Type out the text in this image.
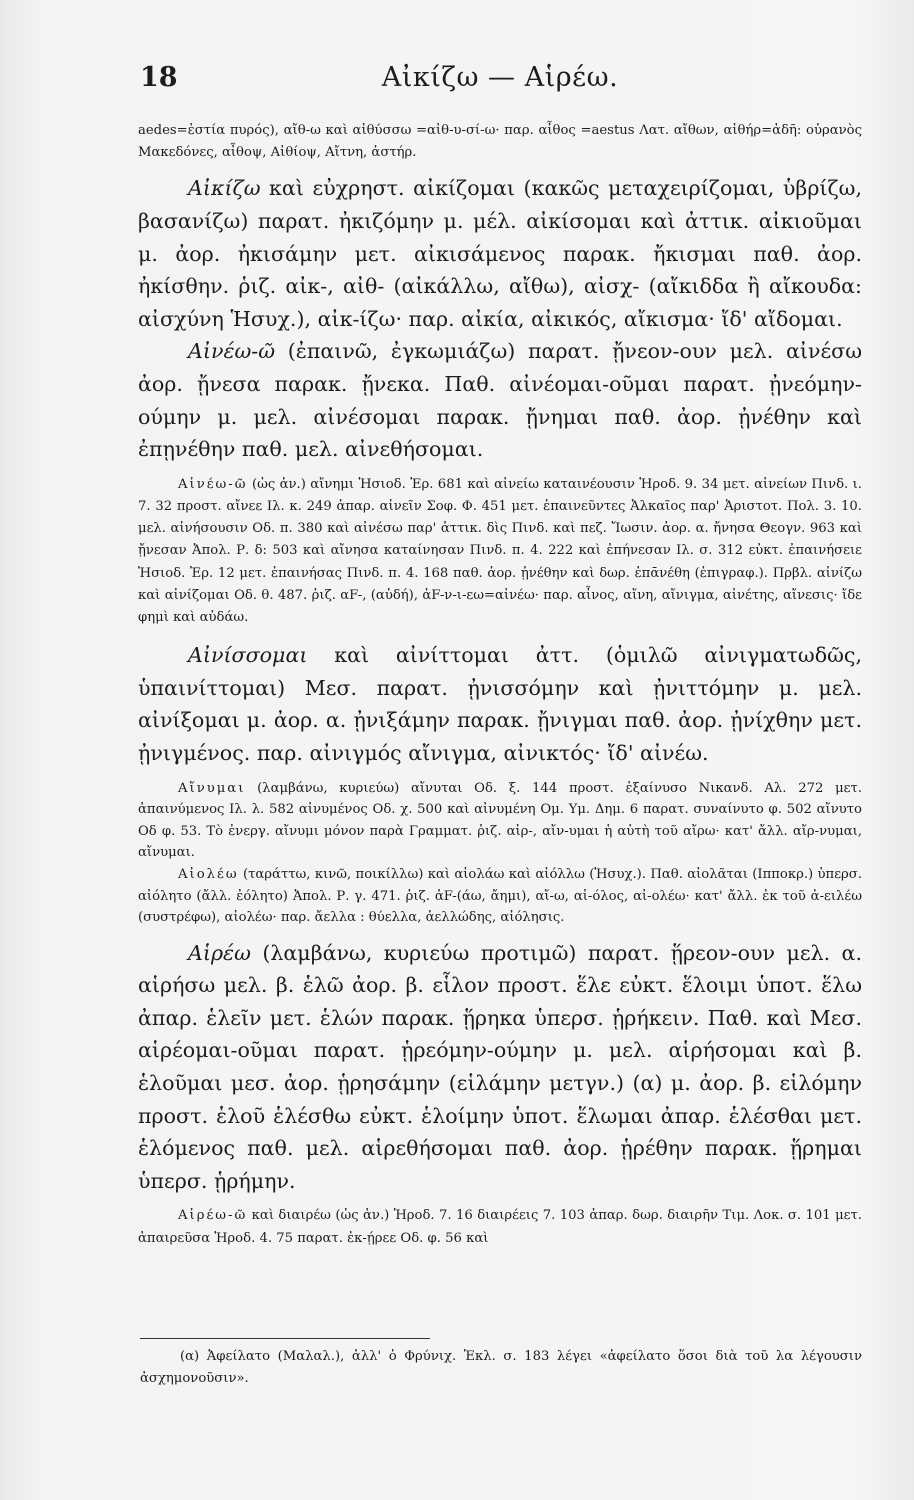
Αἰκίζω — Αἱρέω.
18

aedes=ἑστία πυρός), αἴθ-ω καὶ αἰθύσσω =αἰθ-υ-σί-ω· παρ. αἶθος =aestus Λατ. αἴθων, αἰθήρ=ἀδῆ: οὐρανὸς Μακεδόνες, αἶθοψ, Αἰθίοψ, Αἴτνη, ἀστήρ.

Αἰκίζω καὶ εὐχρηστ. αἰκίζομαι (κακῶς μεταχειρίζομαι, ὑβρίζω, βασανίζω) παρατ. ἠκιζόμην μ. μέλ. αἰκίσομαι καὶ ἀττικ. αἰκιοῦμαι μ. ἀορ. ἠκισάμην μετ. αἰκισάμενος παρακ. ἤκισμαι παθ. ἀορ. ἠκίσθην. ῥιζ. αἰκ-, αἰθ- (αἰκάλλω, αἴθω), αἰσχ- (αἴκιδδα ἢ αἴκουδα: αἰσχύνη Ἡσυχ.), αἰκ-ίζω· παρ. αἰκία, αἰκικός, αἴκισμα· ἴδ' αἴδομαι.

Αἰνέω-ῶ (ἐπαινῶ, ἐγκωμιάζω) παρατ. ᾔνεον-ουν μελ. αἰνέσω ἀορ. ᾔνεσα παρακ. ᾔνεκα. Παθ. αἰνέομαι-οῦμαι παρατ. ᾐνεόμην-ούμην μ. μελ. αἰνέσομαι παρακ. ᾔνημαι παθ. ἀορ. ᾐνέθην καὶ ἐπῃνέθην παθ. μελ. αἰνεθήσομαι.

Αἰνέω-ῶ (ὡς ἀν.) αἴνημι Ἡσιοδ. Ἐρ. 681 καὶ αἰνείω καταινέουσιν Ἡροδ. 9. 34 μετ. αἰνείων Πινδ. ι. 7. 32 προστ. αἴνεε Ιλ. κ. 249 ἀπαρ. αἰνεῖν Σοφ. Φ. 451 μετ. ἐπαινεῦντες Ἀλκαῖος παρ' Ἀριστοτ. Πολ. 3. 10. μελ. αἰνήσουσιν Οδ. π. 380 καὶ αἰνέσω παρ' ἀττικ. δὶς Πινδ. καὶ πεζ. Ἴωσιν. ἀορ. α. ἤνησα Θεογν. 963 καὶ ᾔνεσαν Ἀπολ. Ρ. δ: 503 καὶ αἴνησα καταίνησαν Πινδ. π. 4. 222 καὶ ἐπήνεσαν Ιλ. σ. 312 εὐκτ. ἐπαινήσειε Ἡσιοδ. Ἐρ. 12 μετ. ἐπαινήσας Πινδ. π. 4. 168 παθ. ἀορ. ᾐνέθην καὶ δωρ. ἐπᾱνέθη (ἐπιγραφ.). Πρβλ. αἰνίζω καὶ αἰνίζομαι Οδ. θ. 487. ῥιζ. αF-, (αὐδή), ἀF-ν-ι-εω=αἰνέω· παρ. αἶνος, αἴνη, αἴνιγμα, αἰνέτης, αἴνεσις· ἴδε φημὶ καὶ αὐδάω.

Αἰνίσσομαι καὶ αἰνίττομαι ἀττ. (ὁμιλῶ αἰνιγματωδῶς, ὑπαινίττομαι) Μεσ. παρατ. ᾐνισσόμην καὶ ᾐνιττόμην μ. μελ. αἰνίξομαι μ. ἀορ. α. ᾐνιξάμην παρακ. ᾔνιγμαι παθ. ἀορ. ᾐνίχθην μετ. ᾐνιγμένος. παρ. αἰνιγμός αἴνιγμα, αἰνικτός· ἴδ' αἰνέω.

Αἴνυμαι (λαμβάνω, κυριεύω) αἴνυται Οδ. ξ. 144 προστ. ἐξαίνυσο Νικανδ. Αλ. 272 μετ. ἀπαινύμενος Ιλ. λ. 582 αἰνυμένος Οδ. χ. 500 καὶ αἰνυμένη Ομ. Υμ. Δημ. 6 παρατ. συναίνυτο φ. 502 αἴνυτο Οδ φ. 53. Τὸ ἐνεργ. αἴνυμι μόνον παρὰ Γραμματ. ῥιζ. αἰρ-, αἴν-υμαι ἡ αὐτὴ τοῦ αἴρω· κατ' ἄλλ. αἴρ-νυμαι, αἴνυμαι.

Αἰολέω (ταράττω, κινῶ, ποικίλλω) καὶ αἰολάω καὶ αἰόλλω (Ἡσυχ.). Παθ. αἰολᾶται (Ιπποκρ.) ὑπερσ. αἰόλητο (ἄλλ. ἐόλητο) Ἀπολ. Ρ. γ. 471. ῥιζ. ἀF-(άω, ἄημι), αἴ-ω, αἰ-όλος, αἰ-ολέω· κατ' ἄλλ. ἐκ τοῦ ἀ-ειλέω (συστρέφω), αἰολέω· παρ. ἄελλα : θύελλα, ἀελλώδης, αἰόλησις.

Αἱρέω (λαμβάνω, κυριεύω προτιμῶ) παρατ. ᾕρεον-ουν μελ. α. αἱρήσω μελ. β. ἑλῶ ἀορ. β. εἷλον προστ. ἕλε εὐκτ. ἕλοιμι ὑποτ. ἕλω ἀπαρ. ἑλεῖν μετ. ἑλών παρακ. ᾕρηκα ὑπερσ. ᾑρήκειν. Παθ. καὶ Μεσ. αἱρέομαι-οῦμαι παρατ. ᾑρεόμην-ούμην μ. μελ. αἱρήσομαι καὶ β. ἑλοῦμαι μεσ. ἀορ. ᾑρησάμην (εἱλάμην μετγν.) (α) μ. ἀορ. β. εἱλόμην προστ. ἑλοῦ ἑλέσθω εὐκτ. ἑλοίμην ὑποτ. ἕλωμαι ἀπαρ. ἑλέσθαι μετ. ἑλόμενος παθ. μελ. αἱρεθήσομαι παθ. ἀορ. ᾑρέθην παρακ. ᾕρημαι ὑπερσ. ᾑρήμην.

Αἱρέω-ῶ καὶ διαιρέω (ὡς ἀν.) Ἡροδ. 7. 16 διαιρέεις 7. 103 ἀπαρ. δωρ. διαιρῆν Τιμ. Λοκ. σ. 101 μετ. ἀπαιρεῦσα Ἡροδ. 4. 75 παρατ. ἐκ-ῄρεε Οδ. φ. 56 καὶ

(α) Ἀφείλατο (Μαλαλ.), ἀλλ' ὁ Φρύνιχ. Ἐκλ. σ. 183 λέγει «ἀφείλατο ὅσοι διὰ τοῦ λα λέγουσιν ἀσχημονοῦσιν».
